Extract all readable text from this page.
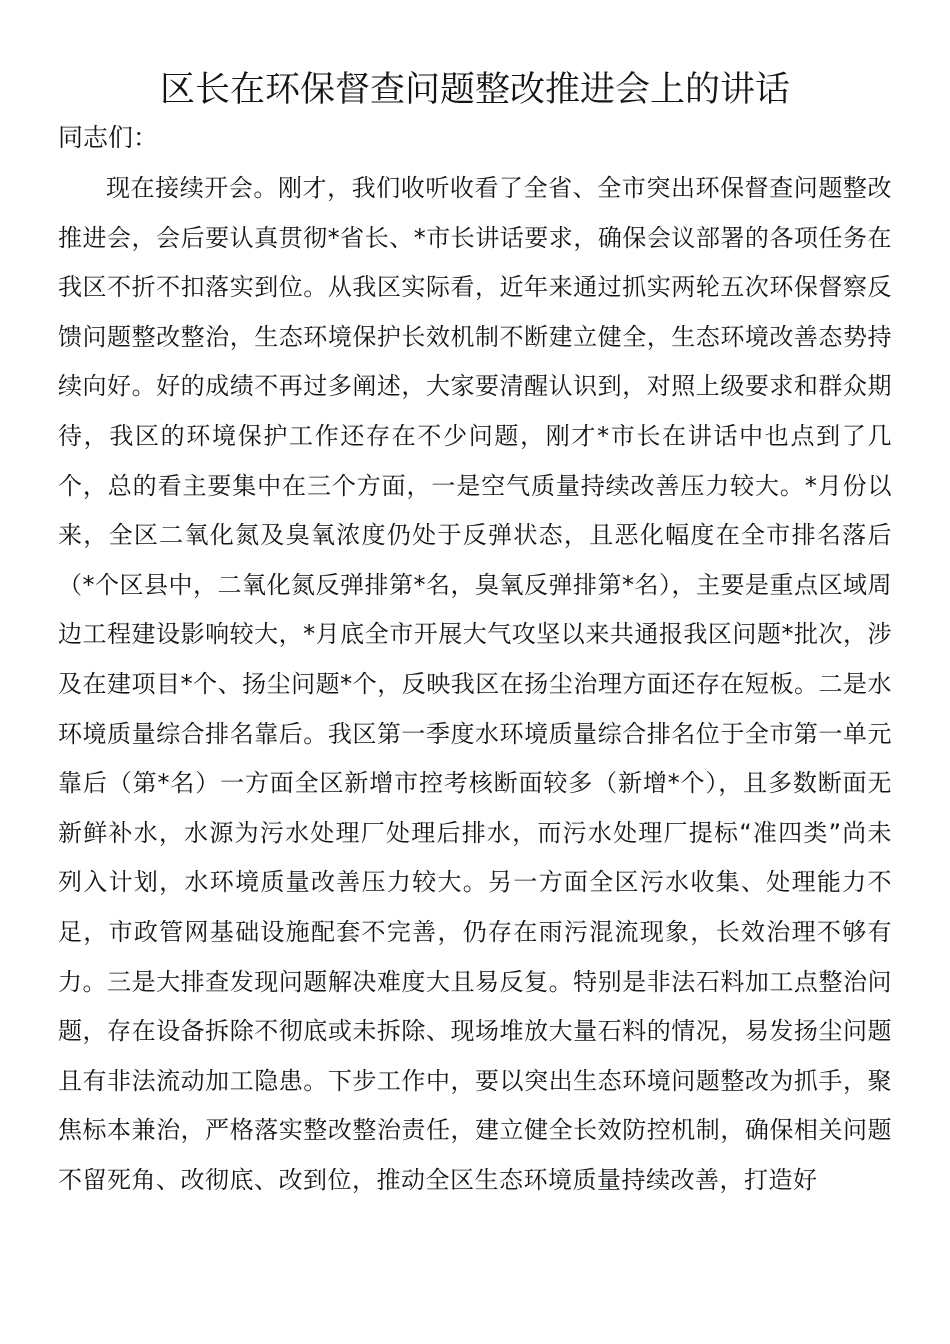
区长在环保督查问题整改推进会上的讲话

同志们：

现在接续开会。刚才，我们收听收看了全省、全市突出环保督查问题整改推进会，会后要认真贯彻*省长、*市长讲话要求，确保会议部署的各项任务在我区不折不扣落实到位。从我区实际看，近年来通过抓实两轮五次环保督察反馈问题整改整治，生态环境保护长效机制不断建立健全，生态环境改善态势持续向好。好的成绩不再过多阐述，大家要清醒认识到，对照上级要求和群众期待，我区的环境保护工作还存在不少问题，刚才*市长在讲话中也点到了几个，总的看主要集中在三个方面，一是空气质量持续改善压力较大。*月份以来，全区二氧化氮及臭氧浓度仍处于反弹状态，且恶化幅度在全市排名落后（*个区县中，二氧化氮反弹排第*名，臭氧反弹排第*名），主要是重点区域周边工程建设影响较大，*月底全市开展大气攻坚以来共通报我区问题*批次，涉及在建项目*个、扬尘问题*个，反映我区在扬尘治理方面还存在短板。二是水环境质量综合排名靠后。我区第一季度水环境质量综合排名位于全市第一单元靠后（第*名）一方面全区新增市控考核断面较多（新增*个），且多数断面无新鲜补水，水源为污水处理厂处理后排水，而污水处理厂提标“准四类”尚未列入计划，水环境质量改善压力较大。另一方面全区污水收集、处理能力不足，市政管网基础设施配套不完善，仍存在雨污混流现象，长效治理不够有力。三是大排查发现问题解决难度大且易反复。特别是非法石料加工点整治问题，存在设备拆除不彻底或未拆除、现场堆放大量石料的情况，易发扬尘问题且有非法流动加工隐患。下步工作中，要以突出生态环境问题整改为抓手，聚焦标本兼治，严格落实整改整治责任，建立健全长效防控机制，确保相关问题不留死角、改彻底、改到位，推动全区生态环境质量持续改善，打造好
